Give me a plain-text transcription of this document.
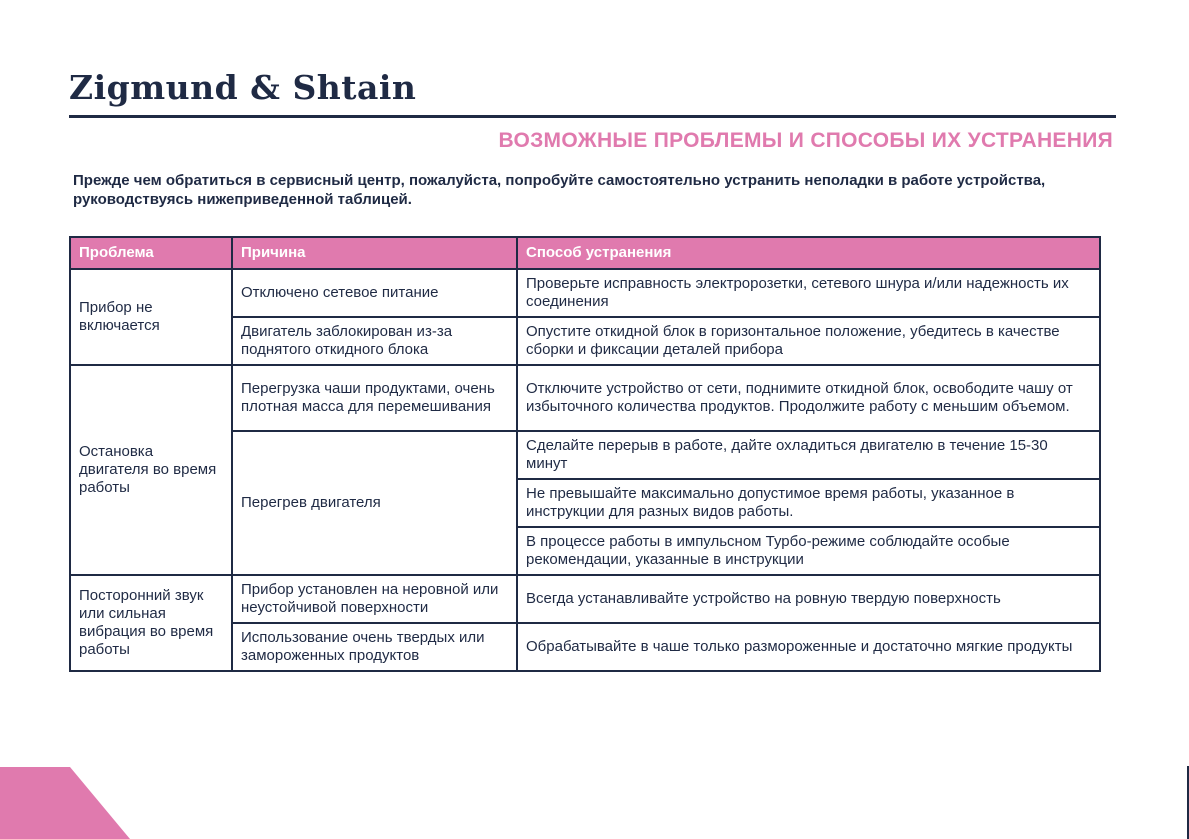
Zigmund & Shtain
ВОЗМОЖНЫЕ ПРОБЛЕМЫ И СПОСОБЫ ИХ УСТРАНЕНИЯ
Прежде чем обратиться в сервисный центр, пожалуйста, попробуйте самостоятельно устранить неполадки в работе устройства, руководствуясь нижеприведенной таблицей.
Проблема	Причина	Способ устранения
Прибор не включается	Отключено сетевое питание	Проверьте исправность электророзетки, сетевого шнура и/или надежность их соединения
	Двигатель заблокирован из-за поднятого откидного блока	Опустите откидной блок в горизонтальное положение, убедитесь в качестве сборки и фиксации деталей прибора
Остановка двигателя во время работы	Перегрузка чаши продуктами, очень плотная масса для перемешивания	Отключите устройство от сети, поднимите откидной блок, освободите чашу от избыточного количества продуктов. Продолжите работу с меньшим объемом.
	Перегрев двигателя	Сделайте перерыв в работе, дайте охладиться двигателю в течение 15-30 минут
		Не превышайте максимально допустимое время работы, указанное в инструкции для разных видов работы.
		В процессе работы в импульсном Турбо-режиме соблюдайте особые рекомендации, указанные в инструкции
Посторонний звук или сильная вибрация во время работы	Прибор установлен на неровной или неустойчивой поверхности	Всегда устанавливайте устройство на ровную твердую поверхность
	Использование очень твердых или замороженных продуктов	Обрабатывайте в чаше только размороженные и достаточно мягкие продукты
